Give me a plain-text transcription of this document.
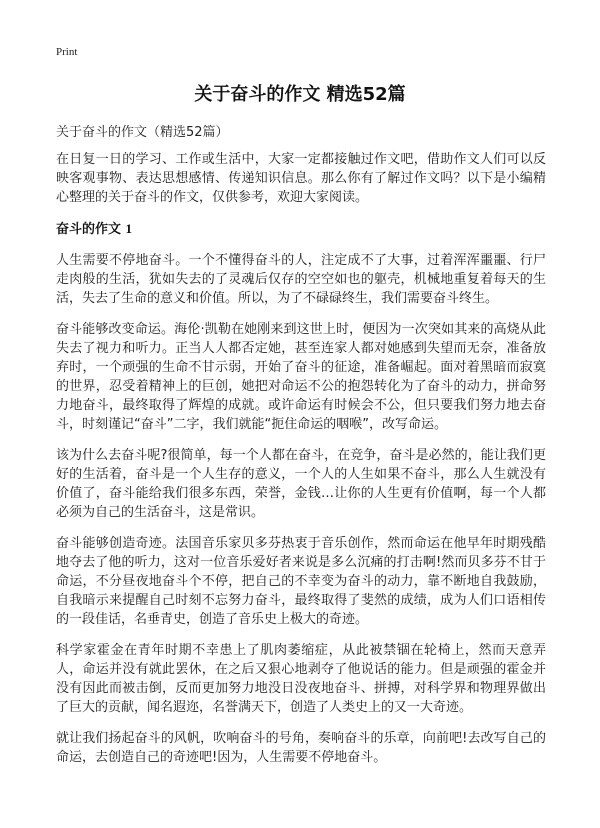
Print
关于奋斗的作文 精选52篇
关于奋斗的作文（精选52篇）

在日复一日的学习、工作或生活中，大家一定都接触过作文吧，借助作文人们可以反映客观事物、表达思想感情、传递知识信息。那么你有了解过作文吗？以下是小编精心整理的关于奋斗的作文，仅供参考，欢迎大家阅读。

奋斗的作文 1

人生需要不停地奋斗。一个不懂得奋斗的人，注定成不了大事，过着浑浑噩噩、行尸走肉般的生活，犹如失去的了灵魂后仅存的空空如也的躯壳，机械地重复着每天的生活，失去了生命的意义和价值。所以，为了不碌碌终生，我们需要奋斗终生。

奋斗能够改变命运。海伦·凯勒在她刚来到这世上时，便因为一次突如其来的高烧从此失去了视力和听力。正当人人都否定她，甚至连家人都对她感到失望而无奈，准备放弃时，一个顽强的生命不甘示弱，开始了奋斗的征途，准备崛起。面对着黑暗而寂寞的世界，忍受着精神上的巨创，她把对命运不公的抱怨转化为了奋斗的动力，拼命努力地奋斗，最终取得了辉煌的成就。或许命运有时候会不公，但只要我们努力地去奋斗，时刻谨记“奋斗”二字，我们就能“扼住命运的咽喉”，改写命运。

该为什么去奋斗呢?很简单，每一个人都在奋斗，在竞争，奋斗是必然的，能让我们更好的生活着，奋斗是一个人生存的意义，一个人的人生如果不奋斗，那么人生就没有价值了，奋斗能给我们很多东西，荣誉，金钱…让你的人生更有价值啊，每一个人都必须为自己的生活奋斗，这是常识。

奋斗能够创造奇迹。法国音乐家贝多芬热衷于音乐创作，然而命运在他早年时期残酷地夺去了他的听力，这对一位音乐爱好者来说是多么沉痛的打击啊!然而贝多芬不甘于命运，不分昼夜地奋斗个不停，把自己的不幸变为奋斗的动力，靠不断地自我鼓励，自我暗示来提醒自己时刻不忘努力奋斗，最终取得了斐然的成绩，成为人们口语相传的一段佳话，名垂青史，创造了音乐史上极大的奇迹。

科学家霍金在青年时期不幸患上了肌肉萎缩症，从此被禁锢在轮椅上，然而天意弄人，命运并没有就此罢休，在之后又狠心地剥夺了他说话的能力。但是顽强的霍金并没有因此而被击倒，反而更加努力地没日没夜地奋斗、拼搏，对科学界和物理界做出了巨大的贡献，闻名遐迩，名誉满天下，创造了人类史上的又一大奇迹。

就让我们扬起奋斗的风帆，吹响奋斗的号角，奏响奋斗的乐章，向前吧!去改写自己的命运，去创造自己的奇迹吧!因为，人生需要不停地奋斗。
